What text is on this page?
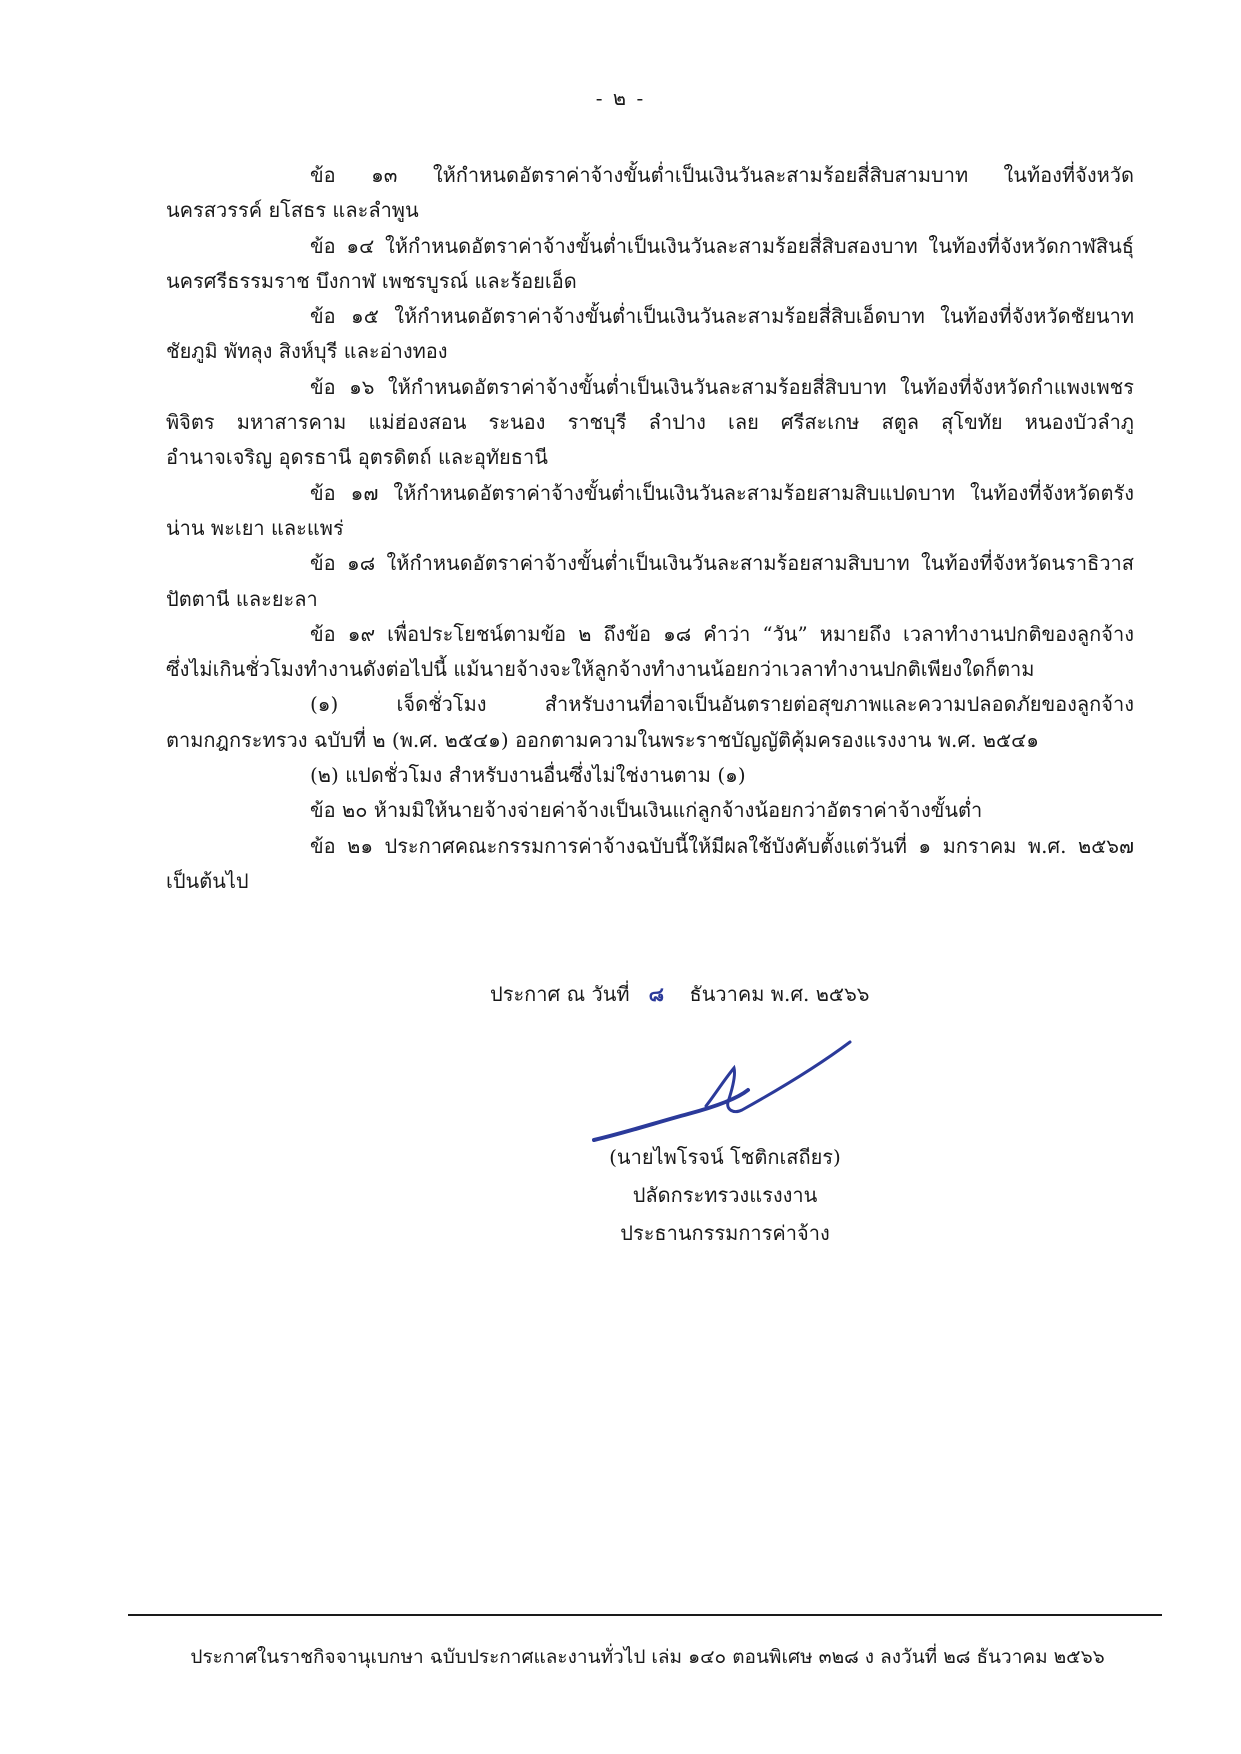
- ๒ -
ข้อ ๑๓ ให้กำหนดอัตราค่าจ้างขั้นต่ำเป็นเงินวันละสามร้อยสี่สิบสามบาท ในท้องที่จังหวัด
นครสวรรค์ ยโสธร และลำพูน
ข้อ ๑๔ ให้กำหนดอัตราค่าจ้างขั้นต่ำเป็นเงินวันละสามร้อยสี่สิบสองบาท ในท้องที่จังหวัดกาฬสินธุ์
นครศรีธรรมราช บึงกาฬ เพชรบูรณ์ และร้อยเอ็ด
ข้อ ๑๕ ให้กำหนดอัตราค่าจ้างขั้นต่ำเป็นเงินวันละสามร้อยสี่สิบเอ็ดบาท ในท้องที่จังหวัดชัยนาท
ชัยภูมิ พัทลุง สิงห์บุรี และอ่างทอง
ข้อ ๑๖ ให้กำหนดอัตราค่าจ้างขั้นต่ำเป็นเงินวันละสามร้อยสี่สิบบาท ในท้องที่จังหวัดกำแพงเพชร
พิจิตร มหาสารคาม แม่ฮ่องสอน ระนอง ราชบุรี ลำปาง เลย ศรีสะเกษ สตูล สุโขทัย หนองบัวลำภู
อำนาจเจริญ อุดรธานี อุตรดิตถ์ และอุทัยธานี
ข้อ ๑๗ ให้กำหนดอัตราค่าจ้างขั้นต่ำเป็นเงินวันละสามร้อยสามสิบแปดบาท ในท้องที่จังหวัดตรัง
น่าน พะเยา และแพร่
ข้อ ๑๘ ให้กำหนดอัตราค่าจ้างขั้นต่ำเป็นเงินวันละสามร้อยสามสิบบาท ในท้องที่จังหวัดนราธิวาส
ปัตตานี และยะลา
ข้อ ๑๙ เพื่อประโยชน์ตามข้อ ๒ ถึงข้อ ๑๘ คำว่า “วัน” หมายถึง เวลาทำงานปกติของลูกจ้าง
ซึ่งไม่เกินชั่วโมงทำงานดังต่อไปนี้ แม้นายจ้างจะให้ลูกจ้างทำงานน้อยกว่าเวลาทำงานปกติเพียงใดก็ตาม
(๑) เจ็ดชั่วโมง สำหรับงานที่อาจเป็นอันตรายต่อสุขภาพและความปลอดภัยของลูกจ้าง
ตามกฎกระทรวง ฉบับที่ ๒ (พ.ศ. ๒๕๔๑) ออกตามความในพระราชบัญญัติคุ้มครองแรงงาน พ.ศ. ๒๕๔๑
(๒) แปดชั่วโมง สำหรับงานอื่นซึ่งไม่ใช่งานตาม (๑)
ข้อ ๒๐ ห้ามมิให้นายจ้างจ่ายค่าจ้างเป็นเงินแก่ลูกจ้างน้อยกว่าอัตราค่าจ้างขั้นต่ำ
ข้อ ๒๑ ประกาศคณะกรรมการค่าจ้างฉบับนี้ให้มีผลใช้บังคับตั้งแต่วันที่ ๑ มกราคม พ.ศ. ๒๕๖๗
เป็นต้นไป
ประกาศ ณ วันที่ ๘ ธันวาคม พ.ศ. ๒๕๖๖
(นายไพโรจน์ โชติกเสถียร)
ปลัดกระทรวงแรงงาน
ประธานกรรมการค่าจ้าง
ประกาศในราชกิจจานุเบกษา ฉบับประกาศและงานทั่วไป เล่ม ๑๔๐ ตอนพิเศษ ๓๒๘ ง ลงวันที่ ๒๘ ธันวาคม ๒๕๖๖
